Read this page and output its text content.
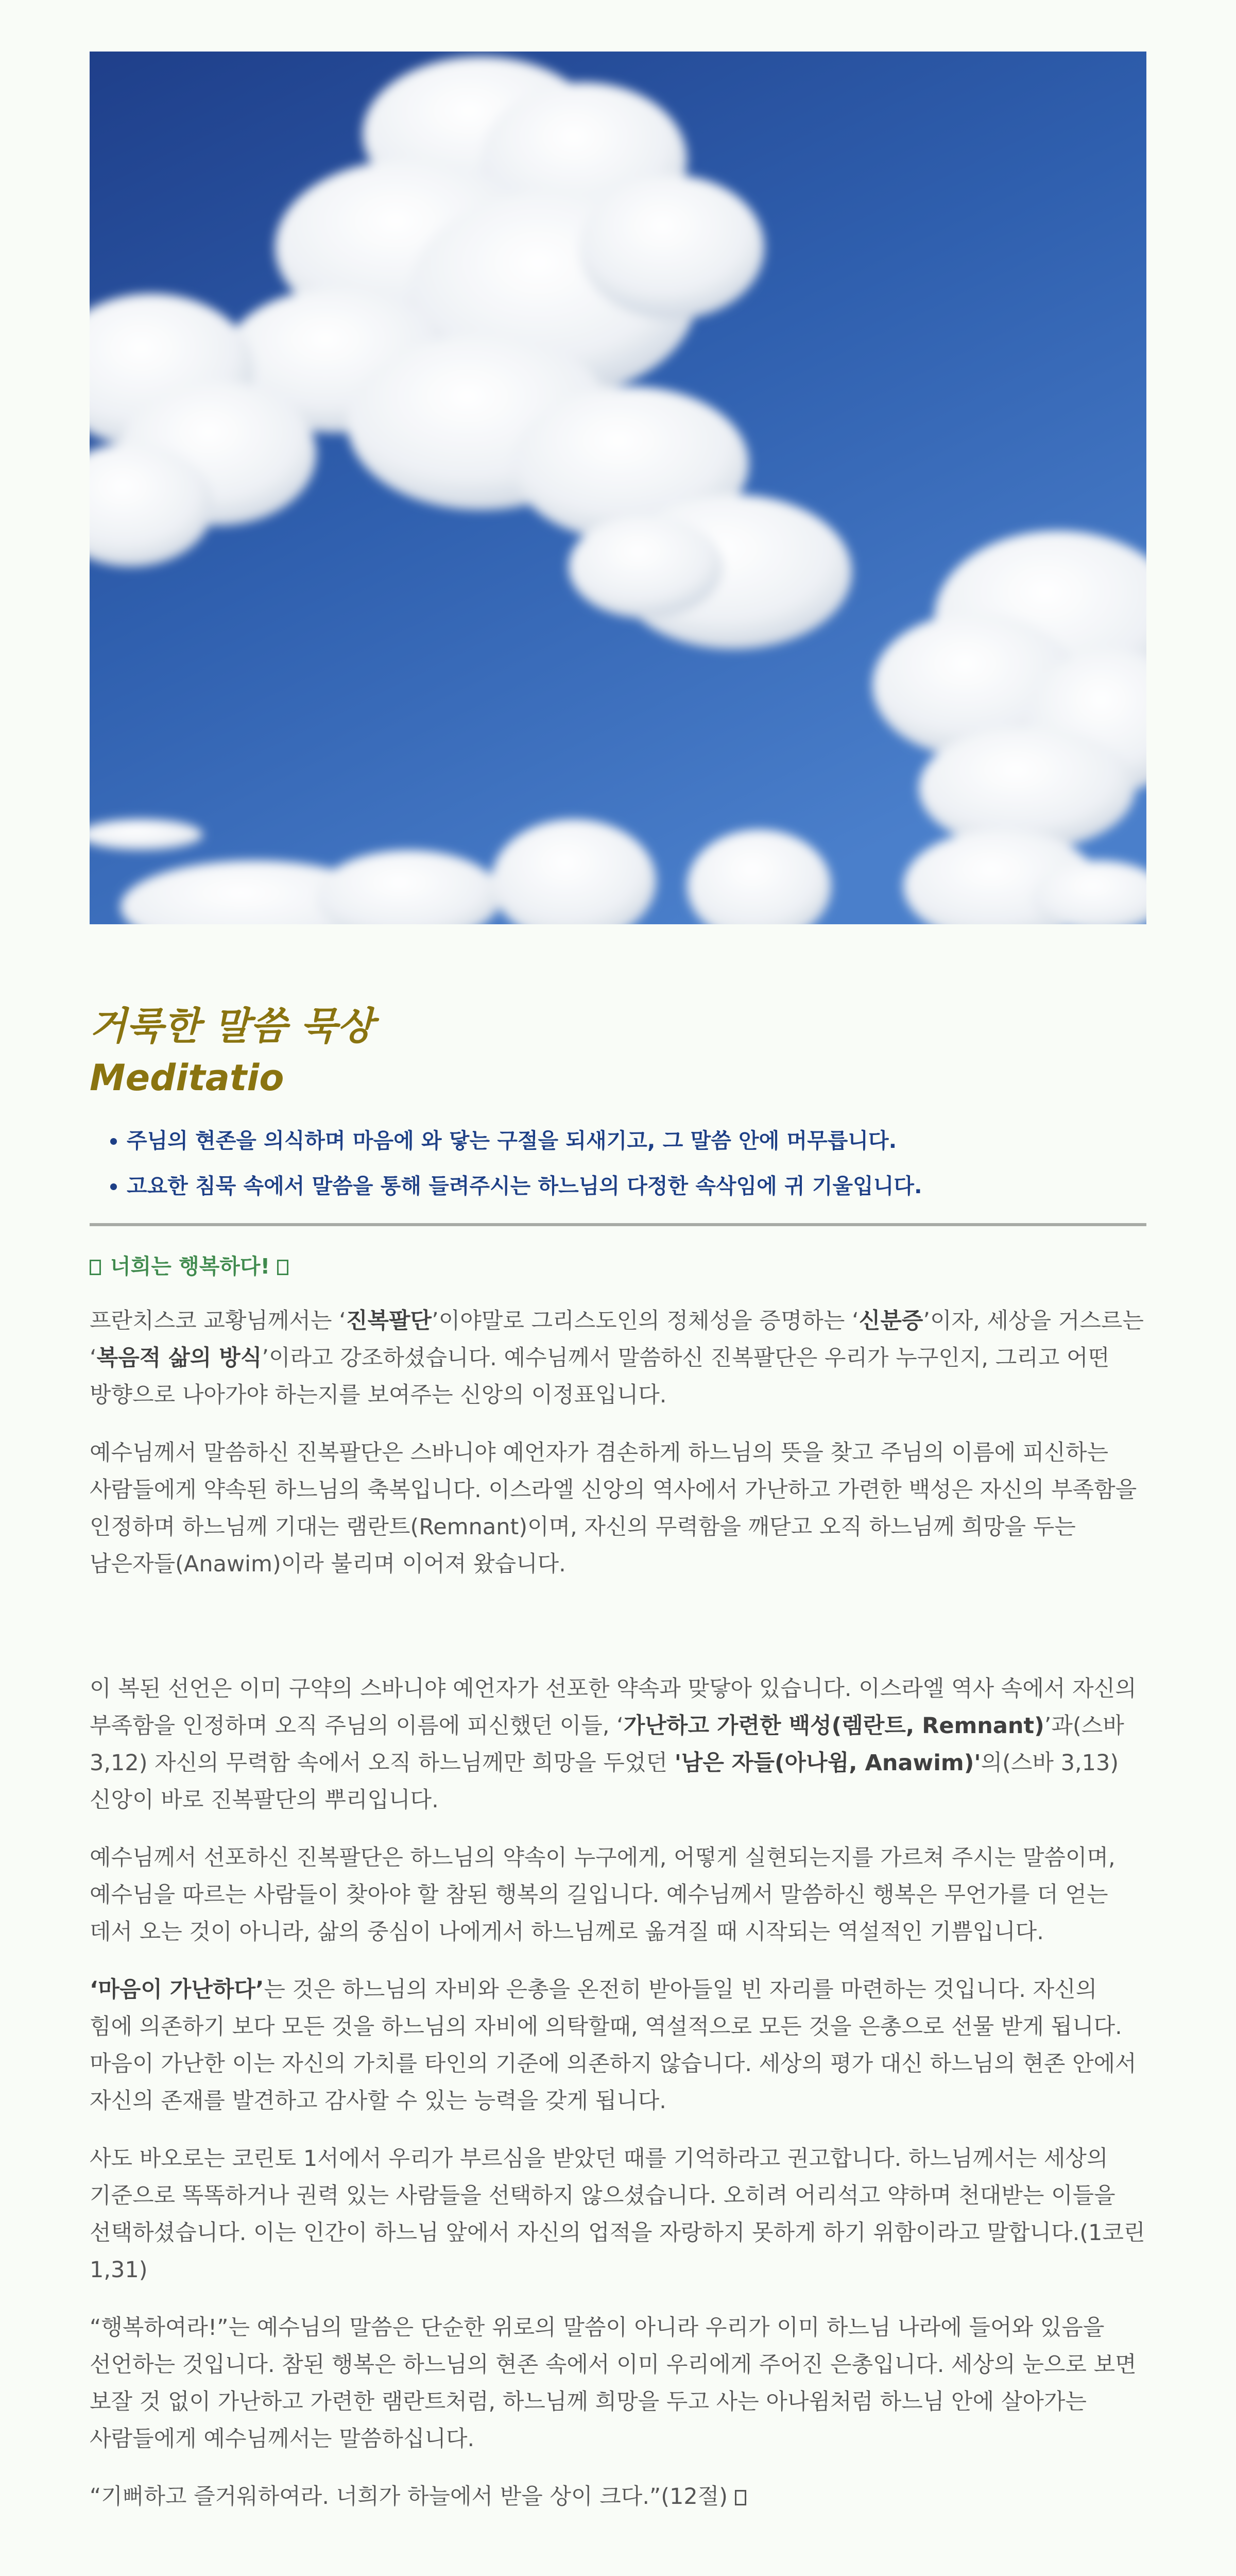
거룩한 말씀 묵상

Meditatio

• 주님의 현존을 의식하며 마음에 와 닿는 구절을 되새기고, 그 말씀 안에 머무릅니다.
• 고요한 침묵 속에서 말씀을 통해 들려주시는 하느님의 다정한 속삭임에 귀 기울입니다.
너희는 행복하다!

프란치스코 교황님께서는 ‘진복팔단’이야말로 그리스도인의 정체성을 증명하는 ‘신분증’이자, 세상을 거스르는 ‘복음적 삶의 방식’이라고 강조하셨습니다. 예수님께서 말씀하신 진복팔단은 우리가 누구인지, 그리고 어떤 방향으로 나아가야 하는지를 보여주는 신앙의 이정표입니다.

예수님께서 말씀하신 진복팔단은 스바니야 예언자가 겸손하게 하느님의 뜻을 찾고 주님의 이름에 피신하는 사람들에게 약속된 하느님의 축복입니다. 이스라엘 신앙의 역사에서 가난하고 가련한 백성은 자신의 부족함을 인정하며 하느님께 기대는 램란트(Remnant)이며, 자신의 무력함을 깨닫고 오직 하느님께 희망을 두는 남은자들(Anawim)이라 불리며 이어져 왔습니다.

이 복된 선언은 이미 구약의 스바니야 예언자가 선포한 약속과 맞닿아 있습니다. 이스라엘 역사 속에서 자신의 부족함을 인정하며 오직 주님의 이름에 피신했던 이들, ‘가난하고 가련한 백성(렘란트, Remnant)’과(스바 3,12) 자신의 무력함 속에서 오직 하느님께만 희망을 두었던 '남은 자들(아나윔, Anawim)'의(스바 3,13) 신앙이 바로 진복팔단의 뿌리입니다.

예수님께서 선포하신 진복팔단은 하느님의 약속이 누구에게, 어떻게 실현되는지를 가르쳐 주시는 말씀이며, 예수님을 따르는 사람들이 찾아야 할 참된 행복의 길입니다. 예수님께서 말씀하신 행복은 무언가를 더 얻는 데서 오는 것이 아니라, 삶의 중심이 나에게서 하느님께로 옮겨질 때 시작되는 역설적인 기쁨입니다.

‘마음이 가난하다’는 것은 하느님의 자비와 은총을 온전히 받아들일 빈 자리를 마련하는 것입니다. 자신의 힘에 의존하기 보다 모든 것을 하느님의 자비에 의탁할때, 역설적으로 모든 것을 은총으로 선물 받게 됩니다. 마음이 가난한 이는 자신의 가치를 타인의 기준에 의존하지 않습니다. 세상의 평가 대신 하느님의 현존 안에서 자신의 존재를 발견하고 감사할 수 있는 능력을 갖게 됩니다.

사도 바오로는 코린토 1서에서 우리가 부르심을 받았던 때를 기억하라고 권고합니다. 하느님께서는 세상의 기준으로 똑똑하거나 권력 있는 사람들을 선택하지 않으셨습니다. 오히려 어리석고 약하며 천대받는 이들을 선택하셨습니다. 이는 인간이 하느님 앞에서 자신의 업적을 자랑하지 못하게 하기 위함이라고 말합니다.(1코린 1,31)

“행복하여라!”는 예수님의 말씀은 단순한 위로의 말씀이 아니라 우리가 이미 하느님 나라에 들어와 있음을 선언하는 것입니다. 참된 행복은 하느님의 현존 속에서 이미 우리에게 주어진 은총입니다. 세상의 눈으로 보면 보잘 것 없이 가난하고 가련한 램란트처럼, 하느님께 희망을 두고 사는 아나윔처럼 하느님 안에 살아가는 사람들에게 예수님께서는 말씀하십니다.

“기뻐하고 즐거워하여라. 너희가 하늘에서 받을 상이 크다.”(12절)
